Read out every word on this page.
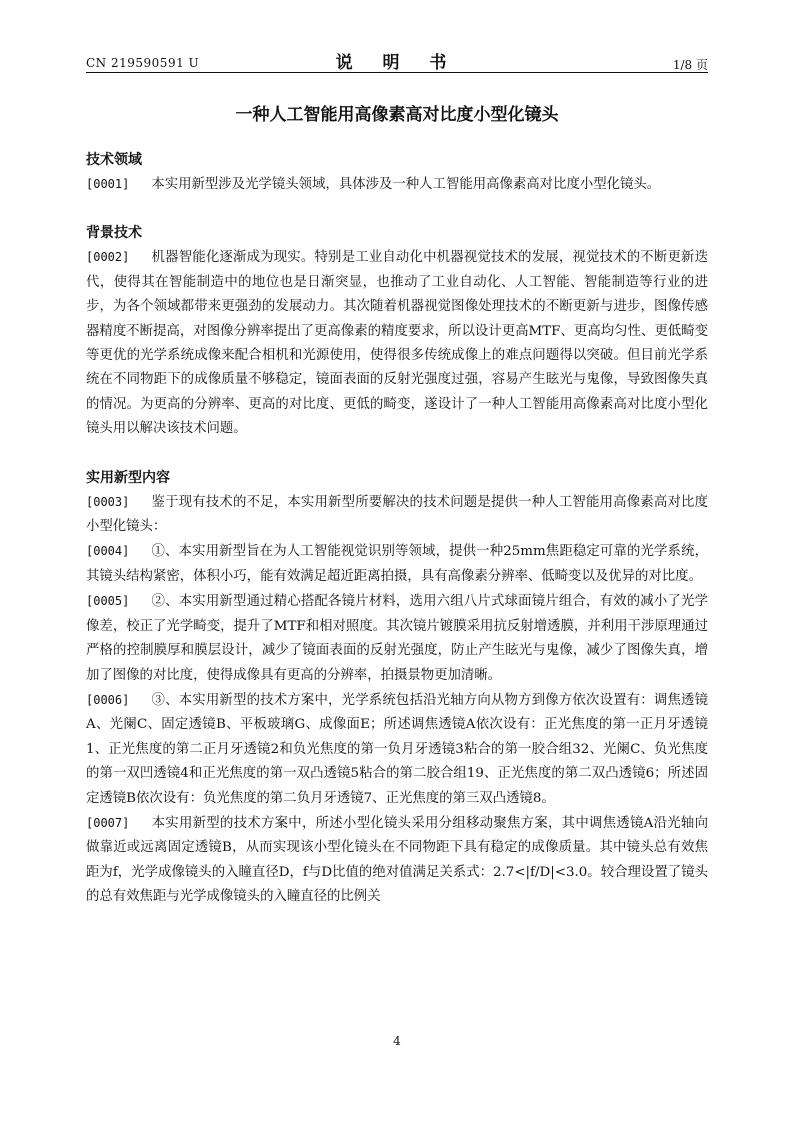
CN 219590591 U	说 明 书	1/8 页
一种人工智能用高像素高对比度小型化镜头
技术领域

[0001] 本实用新型涉及光学镜头领域，具体涉及一种人工智能用高像素高对比度小型化镜头。

背景技术

[0002] 机器智能化逐渐成为现实。特别是工业自动化中机器视觉技术的发展，视觉技术的不断更新迭代，使得其在智能制造中的地位也是日渐突显，也推动了工业自动化、人工智能、智能制造等行业的进步，为各个领域都带来更强劲的发展动力。其次随着机器视觉图像处理技术的不断更新与进步，图像传感器精度不断提高，对图像分辨率提出了更高像素的精度要求，所以设计更高MTF、更高均匀性、更低畸变等更优的光学系统成像来配合相机和光源使用，使得很多传统成像上的难点问题得以突破。但目前光学系统在不同物距下的成像质量不够稳定，镜面表面的反射光强度过强，容易产生眩光与鬼像，导致图像失真的情况。为更高的分辨率、更高的对比度、更低的畸变，遂设计了一种人工智能用高像素高对比度小型化镜头用以解决该技术问题。

实用新型内容

[0003] 鉴于现有技术的不足，本实用新型所要解决的技术问题是提供一种人工智能用高像素高对比度小型化镜头：

[0004] ①、本实用新型旨在为人工智能视觉识别等领域，提供一种25mm焦距稳定可靠的光学系统，其镜头结构紧密，体积小巧，能有效满足超近距离拍摄，具有高像素分辨率、低畸变以及优异的对比度。

[0005] ②、本实用新型通过精心搭配各镜片材料，选用六组八片式球面镜片组合，有效的减小了光学像差，校正了光学畸变，提升了MTF和相对照度。其次镜片镀膜采用抗反射增透膜，并利用干涉原理通过严格的控制膜厚和膜层设计，减少了镜面表面的反射光强度，防止产生眩光与鬼像，减少了图像失真，增加了图像的对比度，使得成像具有更高的分辨率，拍摄景物更加清晰。

[0006] ③、本实用新型的技术方案中，光学系统包括沿光轴方向从物方到像方依次设置有：调焦透镜A、光阑C、固定透镜B、平板玻璃G、成像面E；所述调焦透镜A依次设有：正光焦度的第一正月牙透镜1、正光焦度的第二正月牙透镜2和负光焦度的第一负月牙透镜3粘合的第一胶合组32、光阑C、负光焦度的第一双凹透镜4和正光焦度的第一双凸透镜5粘合的第二胶合组19、正光焦度的第二双凸透镜6；所述固定透镜B依次设有：负光焦度的第二负月牙透镜7、正光焦度的第三双凸透镜8。

[0007] 本实用新型的技术方案中，所述小型化镜头采用分组移动聚焦方案，其中调焦透镜A沿光轴向做靠近或远离固定透镜B，从而实现该小型化镜头在不同物距下具有稳定的成像质量。其中镜头总有效焦距为f，光学成像镜头的入瞳直径D，f与D比值的绝对值满足关系式：2.7<|f/D|<3.0。较合理设置了镜头的总有效焦距与光学成像镜头的入瞳直径的比例关

4
